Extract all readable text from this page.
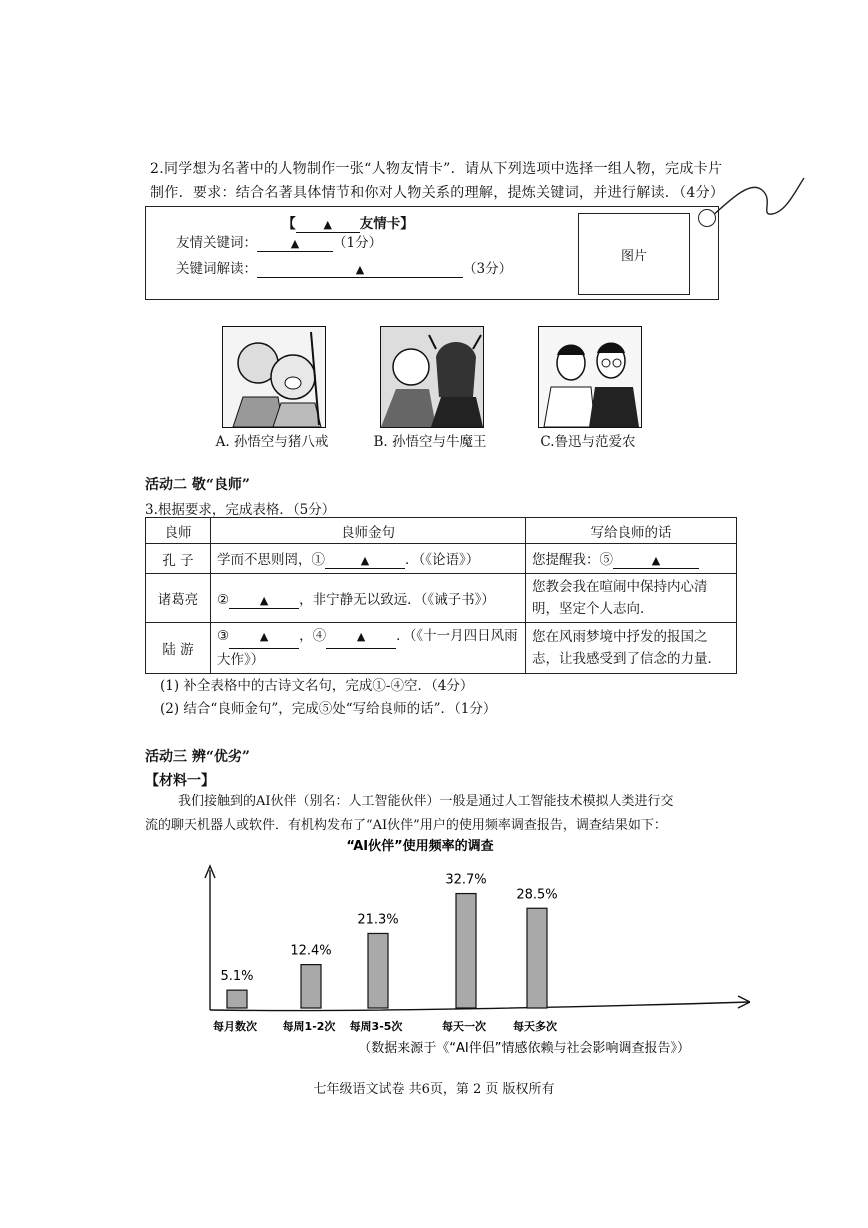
2.同学想为名著中的人物制作一张“人物友情卡”．请从下列选项中选择一组人物，完成卡片
制作．要求：结合名著具体情节和你对人物关系的理解，提炼关键词，并进行解读．（4分）
图片
友情关键词：	▲	（1分）
关键词解读：	▲	（3分）
【	▲ 友情卡】
A. 孙悟空与猪八戒	B. 孙悟空与牛魔王	C.鲁迅与范爱农
活动二 敬“良师”
3.根据要求，完成表格．（5分）
良师	良师金句	写给良师的话
孔 子	学而不思则罔，① ▲ ．（《论语》）	您提醒我：⑤ ▲
诸葛亮	② ▲ ，非宁静无以致远．（《诫子书》）	您教会我在喧闹中保持内心清明，坚定个人志向．
陆 游	③ ▲ ，④ ▲ ．（《十一月四日风雨大作》）	您在风雨梦境中抒发的报国之志，让我感受到了信念的力量．
(1) 补全表格中的古诗文名句，完成①-④空．（4分）
(2) 结合“良师金句”，完成⑤处“写给良师的话”．（1分）
活动三 辨“优劣”
【材料一】
我们接触到的AI伙伴（别名：人工智能伙伴）一般是通过人工智能技术模拟人类进行交
流的聊天机器人或软件．有机构发布了“AI伙伴”用户的使用频率调查报告，调查结果如下：
“AI伙伴”使用频率的调查
5.1%
每月数次
12.4%
每周1-2次
21.3%
每周3-5次
32.7%
每天一次
28.5%
每天多次
（数据来源于《“AI伴侣”情感依赖与社会影响调查报告》）
七年级语文试卷 共6页，第 2 页 版权所有
